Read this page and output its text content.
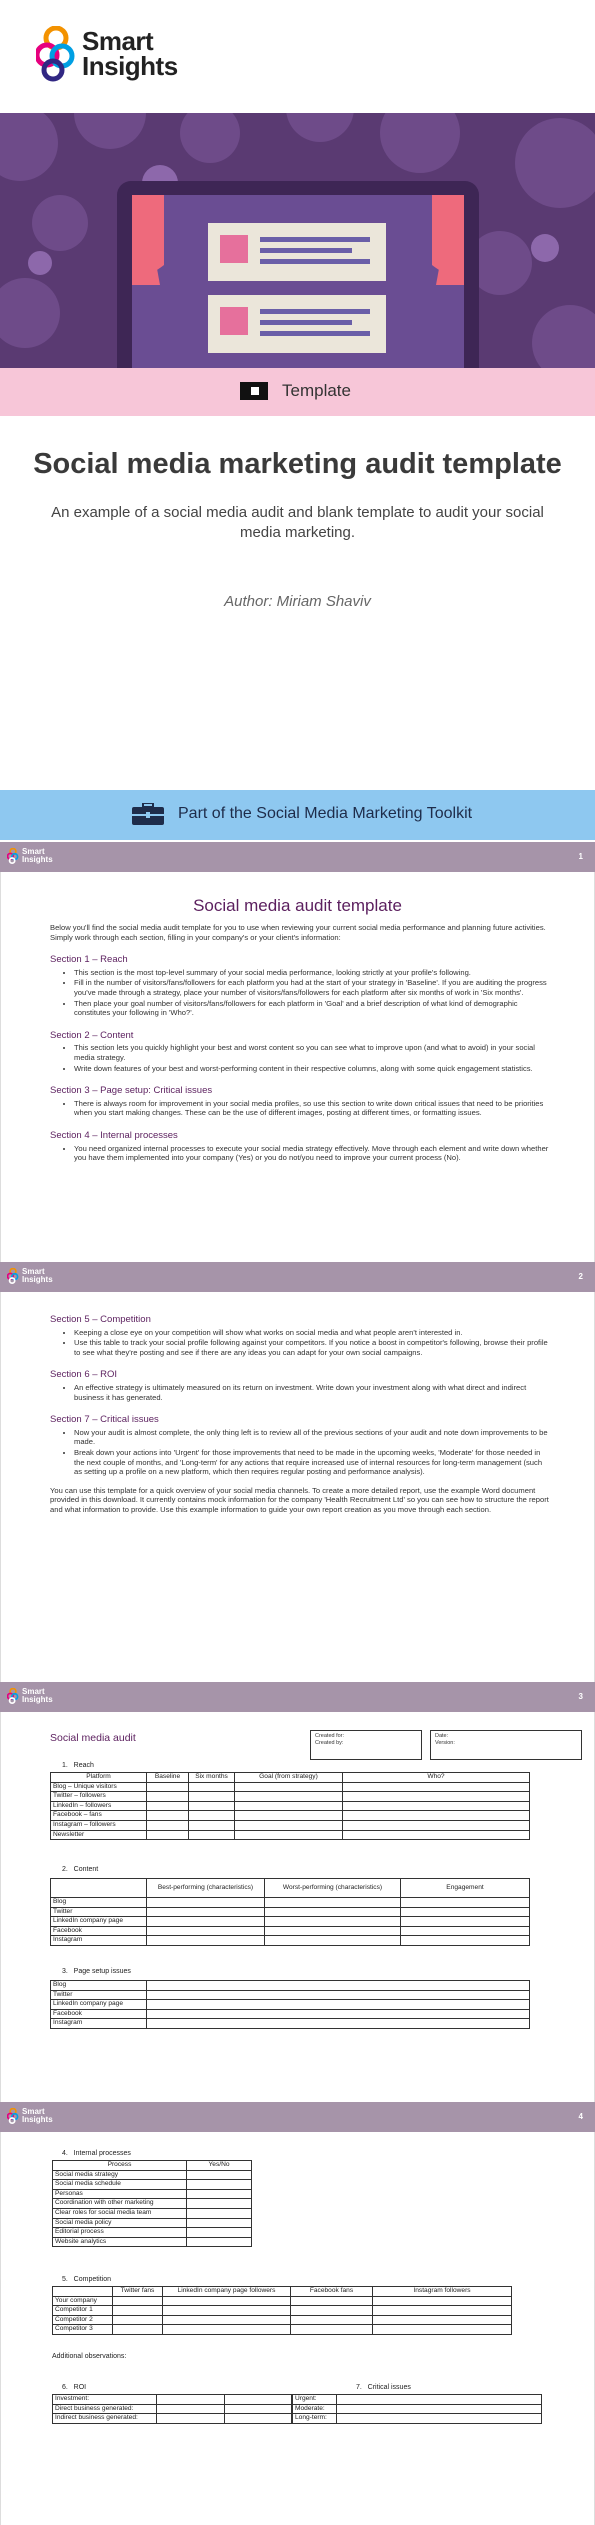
Smart
Insights
Template
Social media marketing audit template
An example of a social media audit and blank template to audit your social media marketing.
Author: Miriam Shaviv
Part of the Social Media Marketing Toolkit
Smart
Insights	1
Social media audit template

Below you'll find the social media audit template for you to use when reviewing your current social media performance and planning future activities. Simply work through each section, filling in your company's or your client's information:

Section 1 – Reach
• This section is the most top-level summary of your social media performance, looking strictly at your profile's following.
• Fill in the number of visitors/fans/followers for each platform you had at the start of your strategy in 'Baseline'. If you are auditing the progress you've made through a strategy, place your number of visitors/fans/followers for each platform after six months of work in 'Six months'.
• Then place your goal number of visitors/fans/followers for each platform in 'Goal' and a brief description of what kind of demographic constitutes your following in 'Who?'.
Section 2 – Content
• This section lets you quickly highlight your best and worst content so you can see what to improve upon (and what to avoid) in your social media strategy.
• Write down features of your best and worst-performing content in their respective columns, along with some quick engagement statistics.
Section 3 – Page setup: Critical issues
• There is always room for improvement in your social media profiles, so use this section to write down critical issues that need to be priorities when you start making changes. These can be the use of different images, posting at different times, or formatting issues.
Section 4 – Internal processes
• You need organized internal processes to execute your social media strategy effectively. Move through each element and write down whether you have them implemented into your company (Yes) or you do not/you need to improve your current process (No).
Smart
Insights	2
Section 5 – Competition
• Keeping a close eye on your competition will show what works on social media and what people aren't interested in.
• Use this table to track your social profile following against your competitors. If you notice a boost in competitor's following, browse their profile to see what they're posting and see if there are any ideas you can adapt for your own social campaigns.
Section 6 – ROI
• An effective strategy is ultimately measured on its return on investment. Write down your investment along with what direct and indirect business it has generated.
Section 7 – Critical issues
• Now your audit is almost complete, the only thing left is to review all of the previous sections of your audit and note down improvements to be made.
• Break down your actions into 'Urgent' for those improvements that need to be made in the upcoming weeks, 'Moderate' for those needed in the next couple of months, and 'Long-term' for any actions that require increased use of internal resources for long-term management (such as setting up a profile on a new platform, which then requires regular posting and performance analysis).

You can use this template for a quick overview of your social media channels. To create a more detailed report, use the example Word document provided in this download. It currently contains mock information for the company 'Health Recruitment Ltd' so you can see how to structure the report and what information to provide. Use this example information to guide your own report creation as you move through each section.

Smart
Insights	3
Social media audit	Created for:
Created by:
Date:
Version:
1.   Reach
Platform	Baseline	Six months	Goal (from strategy)	Who?
Blog – Unique visitors				
Twitter – followers				
LinkedIn – followers				
Facebook – fans				
Instagram – followers				
Newsletter				
2.   Content
	Best-performing (characteristics)	Worst-performing (characteristics)	Engagement
Blog			
Twitter			
LinkedIn company page			
Facebook			
Instagram			
3.   Page setup issues
Blog	
Twitter	
LinkedIn company page	
Facebook	
Instagram	
Smart
Insights	4
4.   Internal processes
Process	Yes/No
Social media strategy	
Social media schedule	
Personas	
Coordination with other marketing	
Clear roles for social media team	
Social media policy	
Editorial process	
Website analytics	
5.   Competition
	Twitter fans	LinkedIn company page followers	Facebook fans	Instagram followers
Your company				
Competitor 1				
Competitor 2				
Competitor 3				
Additional observations:
6.   ROI
Investment:		
Direct business generated:		
Indirect business generated:		
7.   Critical issues
Urgent:	
Moderate:	
Long-term:	
